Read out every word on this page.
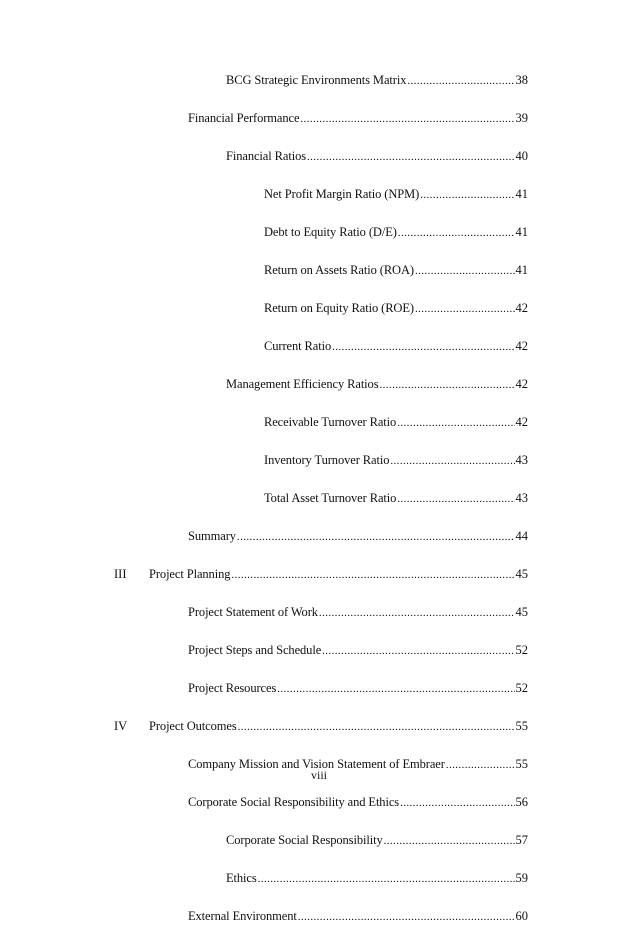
BCG Strategic Environments Matrix .....	38
Financial Performance .....	39
Financial Ratios .....	40
Net Profit Margin Ratio (NPM) .....	41
Debt to Equity Ratio (D/E) .....	41
Return on Assets Ratio (ROA) .....	41
Return on Equity Ratio (ROE) .....	42
Current Ratio .....	42
Management Efficiency Ratios .....	42
Receivable Turnover Ratio .....	42
Inventory Turnover Ratio .....	43
Total Asset Turnover Ratio .....	43
Summary .....	44
III Project Planning .....	45
Project Statement of Work .....	45
Project Steps and Schedule .....	52
Project Resources .....	52
IV Project Outcomes .....	55
Company Mission and Vision Statement of Embraer .....	55
Corporate Social Responsibility and Ethics .....	56
Corporate Social Responsibility .....	57
Ethics .....	59
External Environment .....	60
viii
